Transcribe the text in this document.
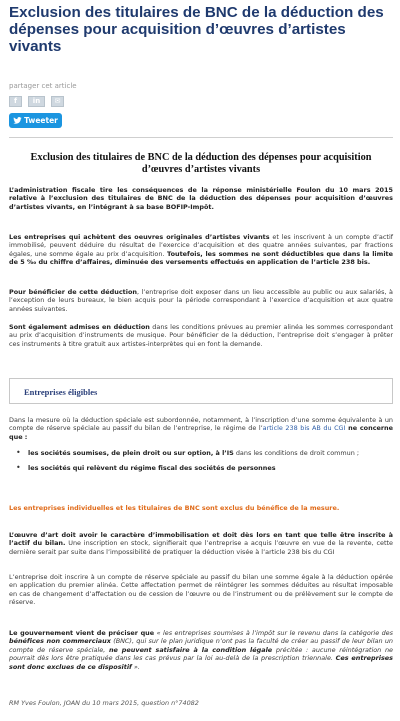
Exclusion des titulaires de BNC de la déduction des dépenses pour acquisition d’œuvres d’artistes vivants
partager cet article
f	in	✉
Tweeter
Exclusion des titulaires de BNC de la déduction des dépenses pour acquisition d’œuvres d’artistes vivants
L’administration fiscale tire les conséquences de la réponse ministérielle Foulon du 10 mars 2015 relative à l’exclusion des titulaires de BNC de la déduction des dépenses pour acquisition d’œuvres d’artistes vivants, en l’intégrant à sa base BOFIP-Impôt.
Les entreprises qui achètent des oeuvres originales d’artistes vivants et les inscrivent à un compte d’actif immobilisé, peuvent déduire du résultat de l’exercice d’acquisition et des quatre années suivantes, par fractions égales, une somme égale au prix d’acquisition. Toutefois, les sommes ne sont déductibles que dans la limite de 5 ‰ du chiffre d’affaires, diminuée des versements effectués en application de l’article 238 bis.
Pour bénéficier de cette déduction, l’entreprise doit exposer dans un lieu accessible au public ou aux salariés, à l’exception de leurs bureaux, le bien acquis pour la période correspondant à l’exercice d’acquisition et aux quatre années suivantes.
Sont également admises en déduction dans les conditions prévues au premier alinéa les sommes correspondant au prix d’acquisition d’instruments de musique. Pour bénéficier de la déduction, l’entreprise doit s’engager à prêter ces instruments à titre gratuit aux artistes-interprètes qui en font la demande.
Entreprises éligibles
Dans la mesure où la déduction spéciale est subordonnée, notamment, à l’inscription d’une somme équivalente à un compte de réserve spéciale au passif du bilan de l’entreprise, le régime de l’article 238 bis AB du CGI ne concerne que :
• les sociétés soumises, de plein droit ou sur option, à l’IS dans les conditions de droit commun ;
• les sociétés qui relèvent du régime fiscal des sociétés de personnes
Les entreprises individuelles et les titulaires de BNC sont exclus du bénéfice de la mesure.
L’œuvre d’art doit avoir le caractère d’immobilisation et doit dès lors en tant que telle être inscrite à l’actif du bilan. Une inscription en stock, signifierait que l’entreprise a acquis l’œuvre en vue de la revente, cette dernière serait par suite dans l’impossibilité de pratiquer la déduction visée à l’article 238 bis du CGI
L’entreprise doit inscrire à un compte de réserve spéciale au passif du bilan une somme égale à la déduction opérée en application du premier alinéa. Cette affectation permet de réintégrer les sommes déduites au résultat imposable en cas de changement d’affectation ou de cession de l’œuvre ou de l’instrument ou de prélèvement sur le compte de réserve.
Le gouvernement vient de préciser que « les entreprises soumises à l’impôt sur le revenu dans la catégorie des bénéfices non commerciaux (BNC), qui sur le plan juridique n’ont pas la faculté de créer au passif de leur bilan un compte de réserve spéciale, ne peuvent satisfaire à la condition légale précitée : aucune réintégration ne pourrait dès lors être pratiquée dans les cas prévus par la loi au-delà de la prescription triennale. Ces entreprises sont donc exclues de ce dispositif ».
RM Yves Foulon, JOAN du 10 mars 2015, question n°74082
